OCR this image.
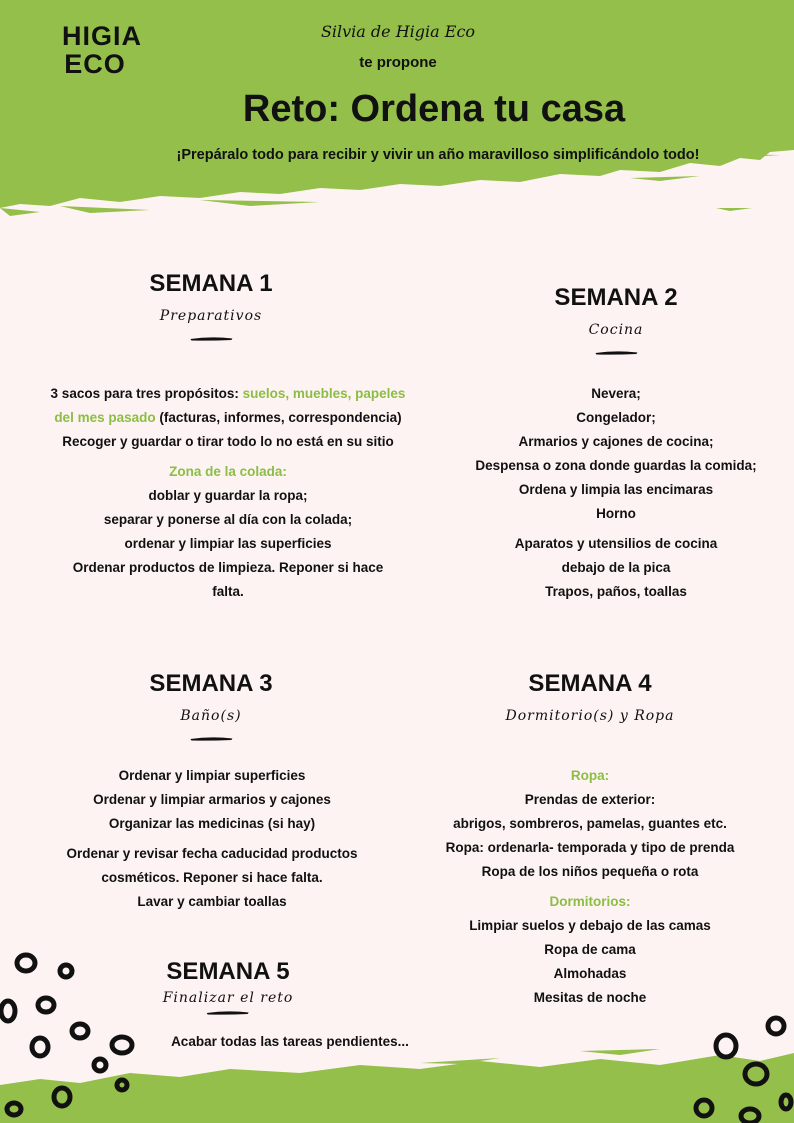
HIGIA
ECO
Silvia de Higia Eco
te propone
Reto: Ordena tu casa
¡Prepáralo todo para recibir y vivir un año maravilloso simplificándolo todo!
SEMANA 1
Preparativos

3 sacos para tres propósitos: suelos, muebles, papeles del mes pasado (facturas, informes, correspondencia)

Recoger y guardar o tirar todo lo no está en su sitio

Zona de la colada:

doblar y guardar la ropa;

separar y ponerse al día con la colada;

ordenar y limpiar las superficies

Ordenar productos de limpieza. Reponer si hace falta.

SEMANA 2
Cocina

Nevera;

Congelador;

Armarios y cajones de cocina;

Despensa o zona donde guardas la comida;

Ordena y limpia las encimaras

Horno

Aparatos y utensilios de cocina

debajo de la pica

Trapos, paños, toallas

SEMANA 3
Baño(s)

Ordenar y limpiar superficies

Ordenar y limpiar armarios y cajones

Organizar las medicinas (si hay)

Ordenar y revisar fecha caducidad productos cosméticos. Reponer si hace falta.

Lavar y cambiar toallas

SEMANA 4
Dormitorio(s) y Ropa

Ropa:

Prendas de exterior:

abrigos, sombreros, pamelas, guantes etc.

Ropa: ordenarla- temporada y tipo de prenda

Ropa de los niños pequeña o rota

Dormitorios:

Limpiar suelos y debajo de las camas

Ropa de cama

Almohadas

Mesitas de noche

SEMANA 5
Finalizar el reto

Acabar todas las tareas pendientes...
